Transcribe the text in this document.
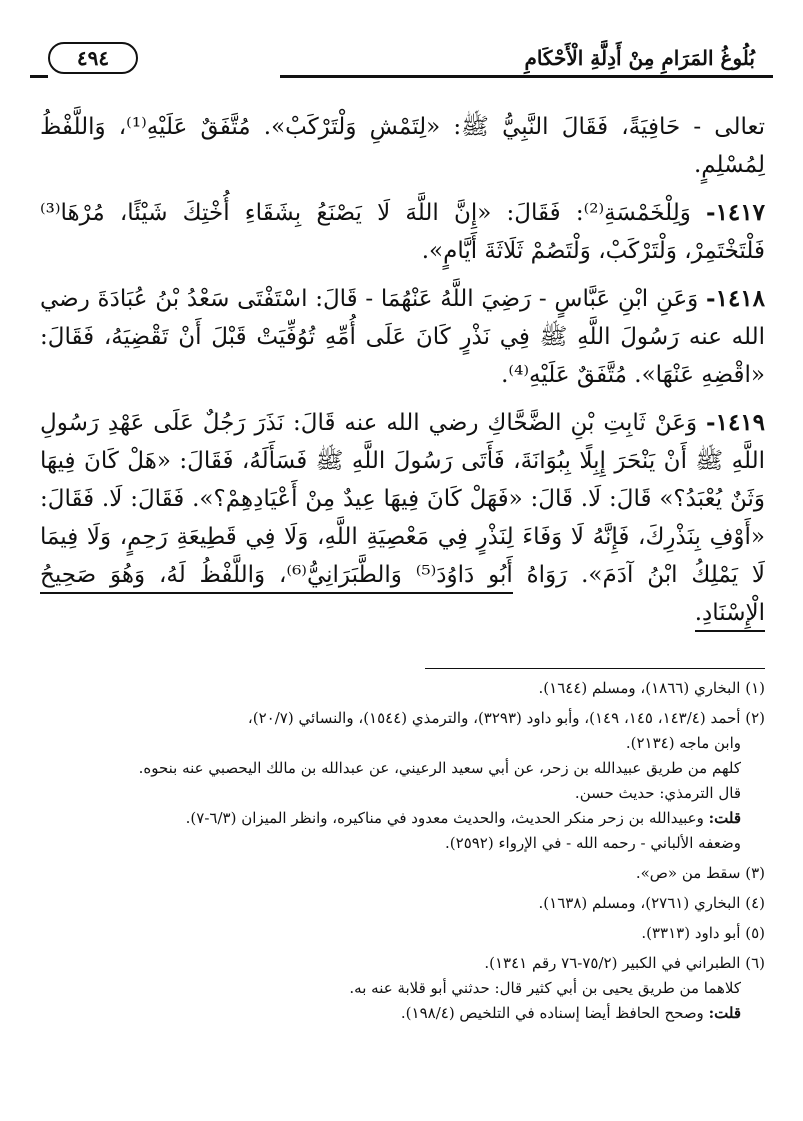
بُلُوغُ المَرَامِ مِنْ أَدِلَّةِ الْأَحْكَامِ
٤٩٤

تعالى - حَافِيَةً، فَقَالَ النَّبِيُّ ﷺ: «لِتَمْشِ وَلْتَرْكَبْ». مُتَّفَقٌ عَلَيْهِ⁽¹⁾، وَاللَّفْظُ لِمُسْلِمٍ.

١٤١٧- وَلِلْخَمْسَةِ⁽²⁾: فَقَالَ: «إِنَّ اللَّهَ لَا يَصْنَعُ بِشَقَاءِ أُخْتِكَ شَيْئًا، مُرْهَا⁽³⁾ فَلْتَخْتَمِرْ، وَلْتَرْكَبْ، وَلْتَصُمْ ثَلَاثَةَ أَيَّامٍ».

١٤١٨- وَعَنِ ابْنِ عَبَّاسٍ - رَضِيَ اللَّهُ عَنْهُمَا - قَالَ: اسْتَفْتَى سَعْدُ بْنُ عُبَادَةَ رضي الله عنه رَسُولَ اللَّهِ ﷺ فِي نَذْرٍ كَانَ عَلَى أُمِّهِ تُوُفِّيَتْ قَبْلَ أَنْ تَقْضِيَهُ، فَقَالَ: «اقْضِهِ عَنْهَا». مُتَّفَقٌ عَلَيْهِ⁽⁴⁾.

١٤١٩- وَعَنْ ثَابِتِ بْنِ الضَّحَّاكِ رضي الله عنه قَالَ: نَذَرَ رَجُلٌ عَلَى عَهْدِ رَسُولِ اللَّهِ ﷺ أَنْ يَنْحَرَ إِبِلًا بِبُوَانَةَ، فَأَتَى رَسُولَ اللَّهِ ﷺ فَسَأَلَهُ، فَقَالَ: «هَلْ كَانَ فِيهَا وَثَنٌ يُعْبَدُ؟» قَالَ: لَا. قَالَ: «فَهَلْ كَانَ فِيهَا عِيدٌ مِنْ أَعْيَادِهِمْ؟». فَقَالَ: لَا. فَقَالَ: «أَوْفِ بِنَذْرِكَ، فَإِنَّهُ لَا وَفَاءَ لِنَذْرٍ فِي مَعْصِيَةِ اللَّهِ، وَلَا فِي قَطِيعَةِ رَحِمٍ، وَلَا فِيمَا لَا يَمْلِكُ ابْنُ آدَمَ». رَوَاهُ أَبُو دَاوُدَ⁽⁵⁾ وَالطَّبَرَانِيُّ⁽⁶⁾، وَاللَّفْظُ لَهُ، وَهُوَ صَحِيحُ الْإِسْنَادِ.

(١) البخاري (١٨٦٦)، ومسلم (١٦٤٤).
(٢) أحمد (١٤٣/٤، ١٤٥، ١٤٩)، وأبو داود (٣٢٩٣)، والترمذي (١٥٤٤)، والنسائي (٢٠/٧)،
وابن ماجه (٢١٣٤).
كلهم من طريق عبيدالله بن زحر، عن أبي سعيد الرعيني، عن عبدالله بن مالك اليحصبي عنه بنحوه.
قال الترمذي: حديث حسن.
قلت: وعبيدالله بن زحر منكر الحديث، والحديث معدود في مناكيره، وانظر الميزان (٦/٣-٧).
وضعفه الألباني - رحمه الله - في الإرواء (٢٥٩٢).
(٣) سقط من «ص».
(٤) البخاري (٢٧٦١)، ومسلم (١٦٣٨).
(٥) أبو داود (٣٣١٣).
(٦) الطبراني في الكبير (٧٥/٢-٧٦ رقم ١٣٤١).
كلاهما من طريق يحيى بن أبي كثير قال: حدثني أبو قلابة عنه به.
قلت: وصحح الحافظ أيضا إسناده في التلخيص (١٩٨/٤).
